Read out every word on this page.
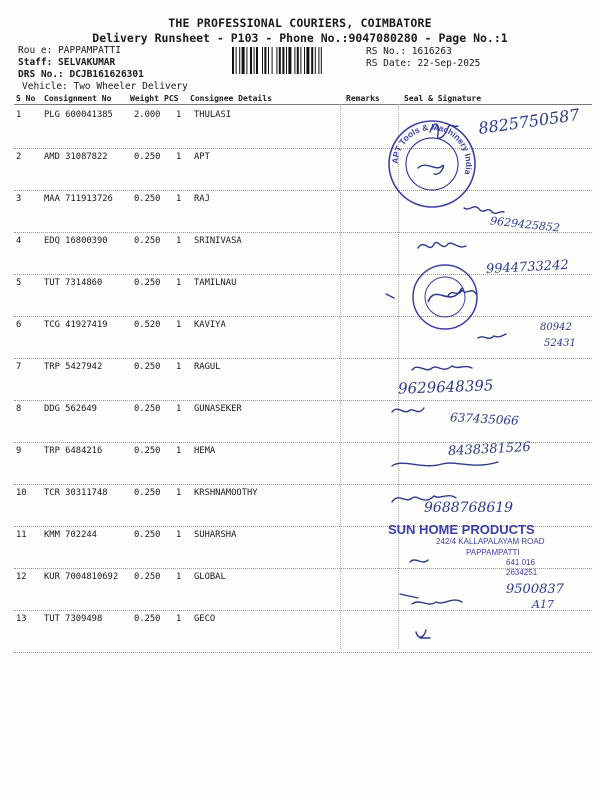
THE PROFESSIONAL COURIERS, COIMBATORE
Delivery Runsheet - P103 - Phone No.:9047080280 - Page No.:1
Rou e: PAPPAMPATTI
Staff: SELVAKUMAR
DRS No.: DCJB161626301
Vehicle: Two Wheeler Delivery
RS No.: 1616263
RS Date: 22-Sep-2025
S No Consignment No Weight PCS Consignee Details	Remarks	Seal & Signature
1	PLG 600041385 2.000 1 THULASI
2	AMD 31087822	0.250 1 APT
3	MAA 711913726 0.250 1 RAJ
4	EDQ 16800390	0.250 1 SRINIVASA
5	TUT 7314860	0.250 1 TAMILNAU
6	TCG 41927419	0.520 1 KAVIYA
7	TRP 5427942	0.250 1 RAGUL
8	DDG 562649	0.250 1 GUNASEKER
9	TRP 6484216	0.250 1 HEMA
10 TCR 30311748	0.250 1 KRSHNAMOOTHY
11 KMM 702244	0.250 1 SUHARSHA
12 KUR 7004810692 0.250 1 GLOBAL
13 TUT 7309498	0.250 1 GECO
APT Tools & Machinery India
8825750587
9629425852
9944733242
80942
52431
9629648395
637435066
8438381526
9688768619
9500837
A17
SUN HOME PRODUCTS
242/4 KALLAPALAYAM ROAD
PAPPAMPATTI
641 016
2634251
